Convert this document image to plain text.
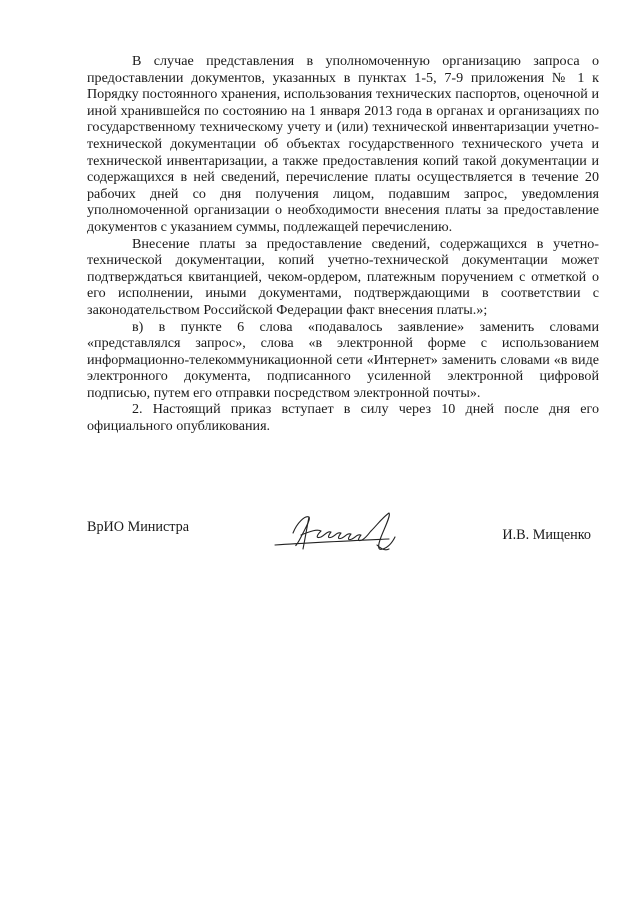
В случае представления в уполномоченную организацию запроса о предоставлении документов, указанных в пунктах 1-5, 7-9 приложения № 1 к Порядку постоянного хранения, использования технических паспортов, оценочной и иной хранившейся по состоянию на 1 января 2013 года в органах и организациях по государственному техническому учету и (или) технической инвентаризации учетно-технической документации об объектах государственного технического учета и технической инвентаризации, а также предоставления копий такой документации и содержащихся в ней сведений, перечисление платы осуществляется в течение 20 рабочих дней со дня получения лицом, подавшим запрос, уведомления уполномоченной организации о необходимости внесения платы за предоставление документов с указанием суммы, подлежащей перечислению.

Внесение платы за предоставление сведений, содержащихся в учетно-технической документации, копий учетно-технической документации может подтверждаться квитанцией, чеком-ордером, платежным поручением с отметкой о его исполнении, иными документами, подтверждающими в соответствии с законодательством Российской Федерации факт внесения платы.»;

в) в пункте 6 слова «подавалось заявление» заменить словами «представлялся запрос», слова «в электронной форме с использованием информационно-телекоммуникационной сети «Интернет» заменить словами «в виде электронного документа, подписанного усиленной электронной цифровой подписью, путем его отправки посредством электронной почты».

2. Настоящий приказ вступает в силу через 10 дней после дня его официального опубликования.

ВрИО Министра	И.В. Мищенко
